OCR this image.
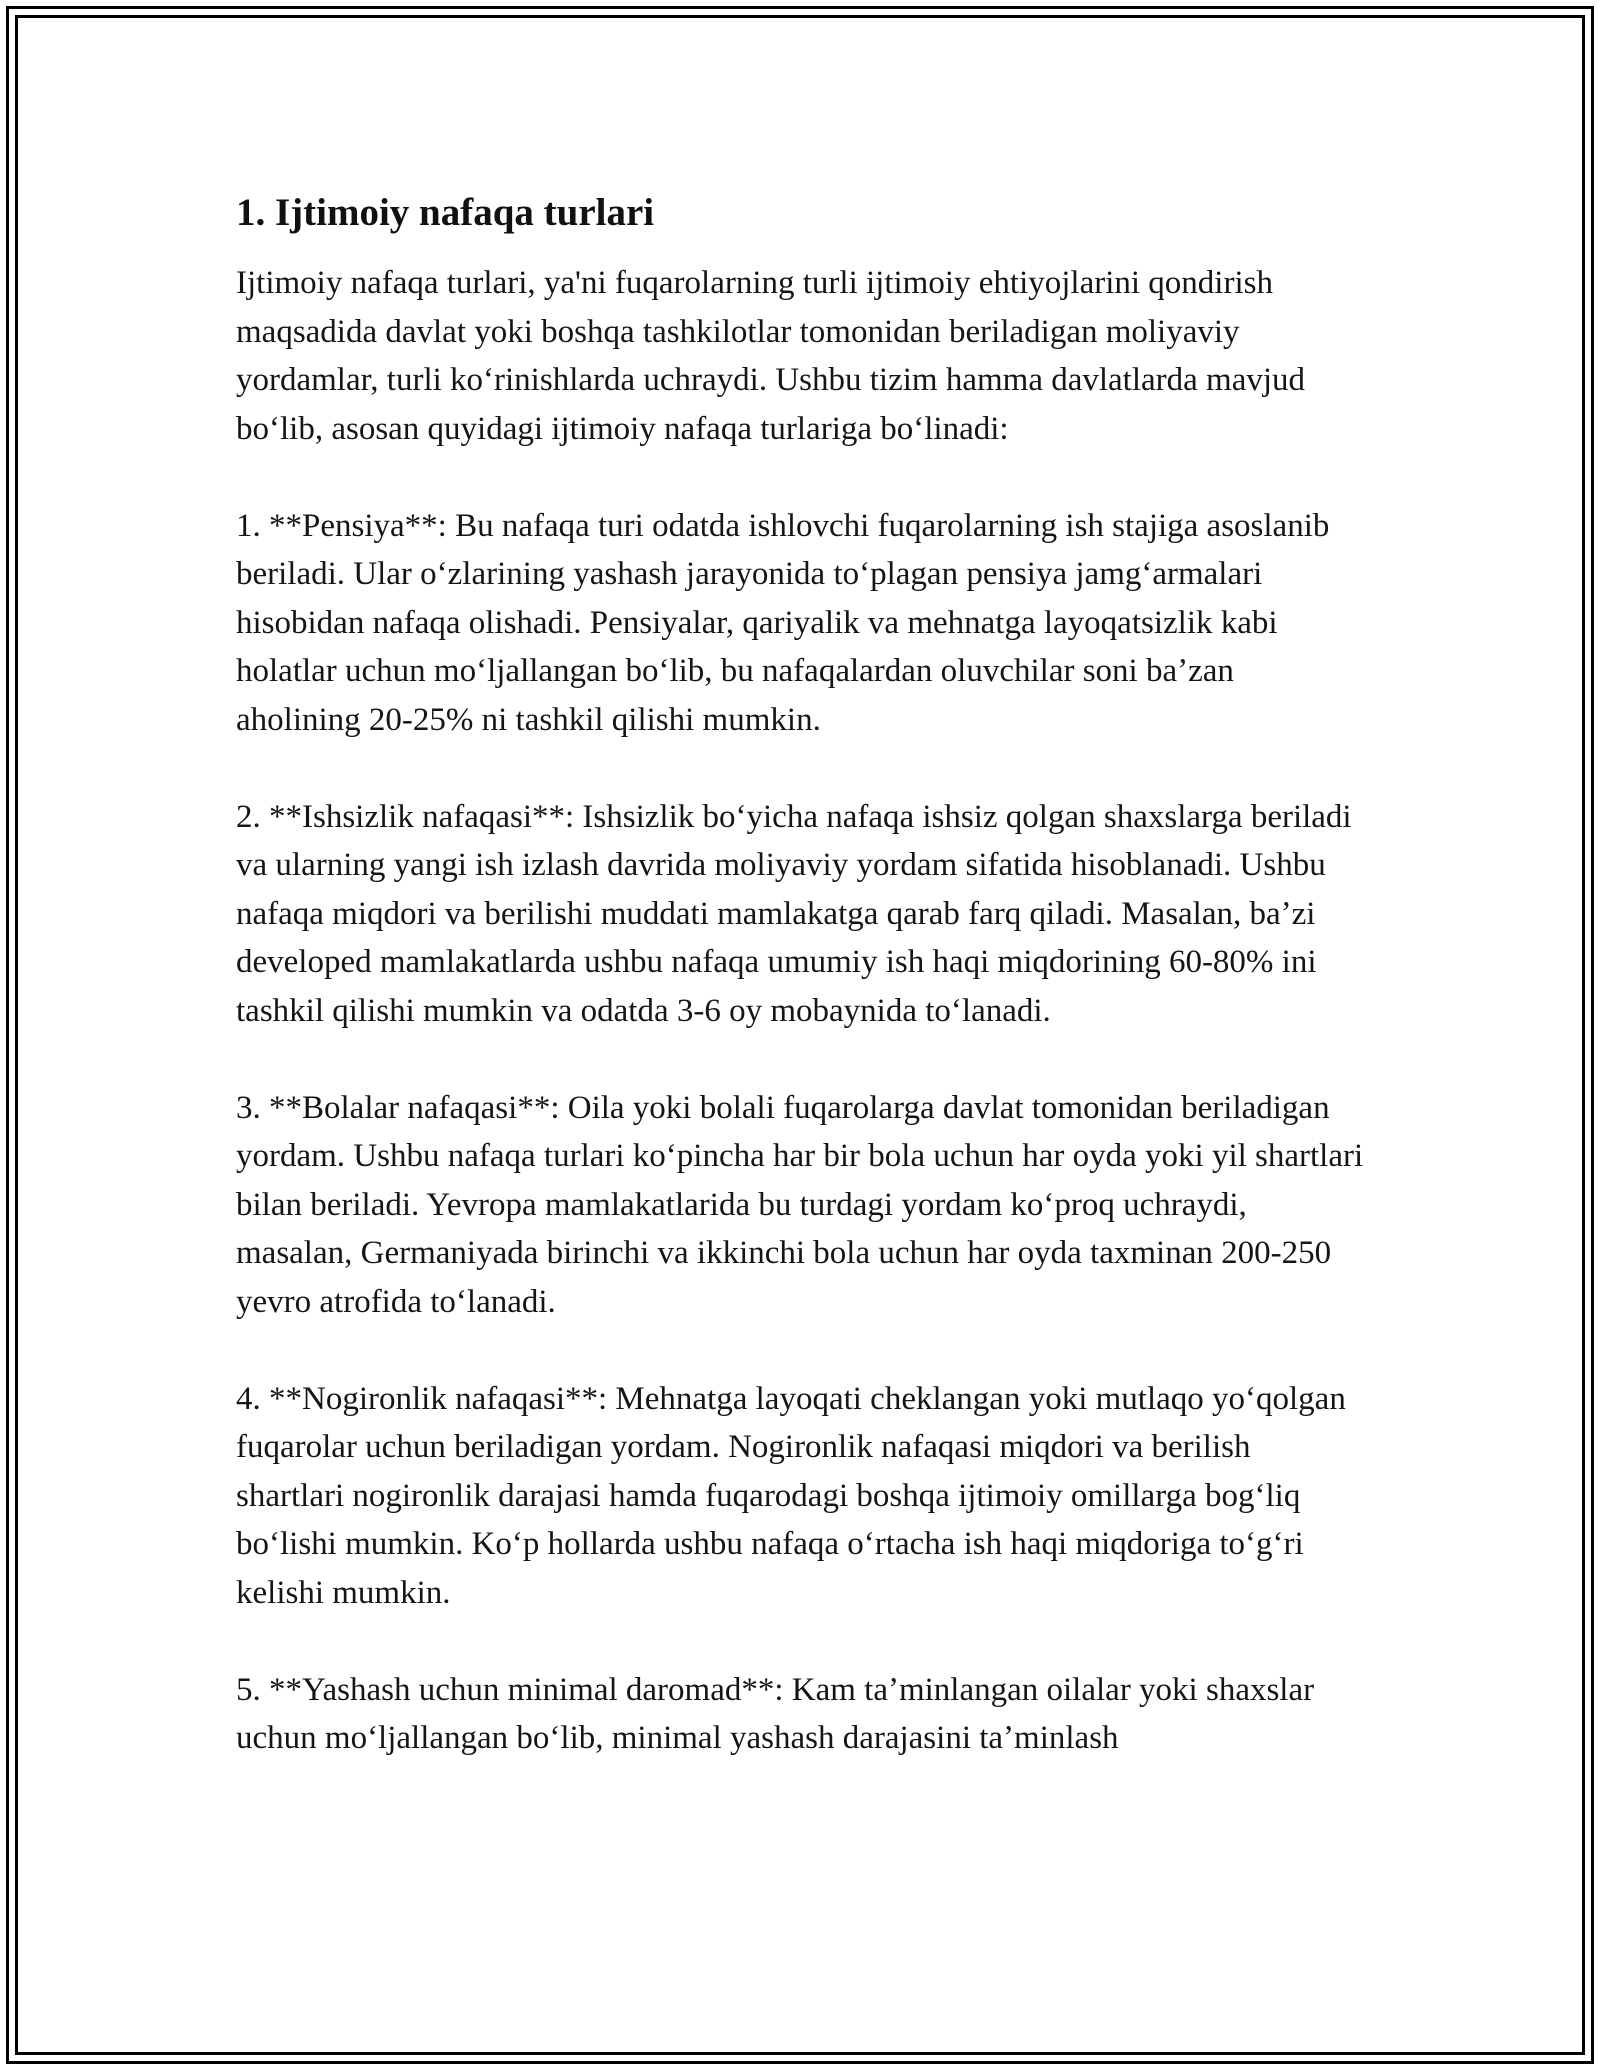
1. Ijtimoiy nafaqa turlari

Ijtimoiy nafaqa turlari, ya'ni fuqarolarning turli ijtimoiy ehtiyojlarini qondirish maqsadida davlat yoki boshqa tashkilotlar tomonidan beriladigan moliyaviy yordamlar, turli koʻrinishlarda uchraydi. Ushbu tizim hamma davlatlarda mavjud boʻlib, asosan quyidagi ijtimoiy nafaqa turlariga boʻlinadi:

1. **Pensiya**: Bu nafaqa turi odatda ishlovchi fuqarolarning ish stajiga asoslanib beriladi. Ular oʻzlarining yashash jarayonida toʻplagan pensiya jamgʻarmalari hisobidan nafaqa olishadi. Pensiyalar, qariyalik va mehnatga layoqatsizlik kabi holatlar uchun moʻljallangan boʻlib, bu nafaqalardan oluvchilar soni baʼzan aholining 20-25% ni tashkil qilishi mumkin.

2. **Ishsizlik nafaqasi**: Ishsizlik boʻyicha nafaqa ishsiz qolgan shaxslarga beriladi va ularning yangi ish izlash davrida moliyaviy yordam sifatida hisoblanadi. Ushbu nafaqa miqdori va berilishi muddati mamlakatga qarab farq qiladi. Masalan, baʼzi developed mamlakatlarda ushbu nafaqa umumiy ish haqi miqdorining 60-80% ini tashkil qilishi mumkin va odatda 3-6 oy mobaynida toʻlanadi.

3. **Bolalar nafaqasi**: Oila yoki bolali fuqarolarga davlat tomonidan beriladigan yordam. Ushbu nafaqa turlari koʻpincha har bir bola uchun har oyda yoki yil shartlari bilan beriladi. Yevropa mamlakatlarida bu turdagi yordam koʻproq uchraydi, masalan, Germaniyada birinchi va ikkinchi bola uchun har oyda taxminan 200-250 yevro atrofida toʻlanadi.

4. **Nogironlik nafaqasi**: Mehnatga layoqati cheklangan yoki mutlaqo yoʻqolgan fuqarolar uchun beriladigan yordam. Nogironlik nafaqasi miqdori va berilish shartlari nogironlik darajasi hamda fuqarodagi boshqa ijtimoiy omillarga bogʻliq boʻlishi mumkin. Koʻp hollarda ushbu nafaqa oʻrtacha ish haqi miqdoriga toʻgʻri kelishi mumkin.

5. **Yashash uchun minimal daromad**: Kam taʼminlangan oilalar yoki shaxslar uchun moʻljallangan boʻlib, minimal yashash darajasini taʼminlash
